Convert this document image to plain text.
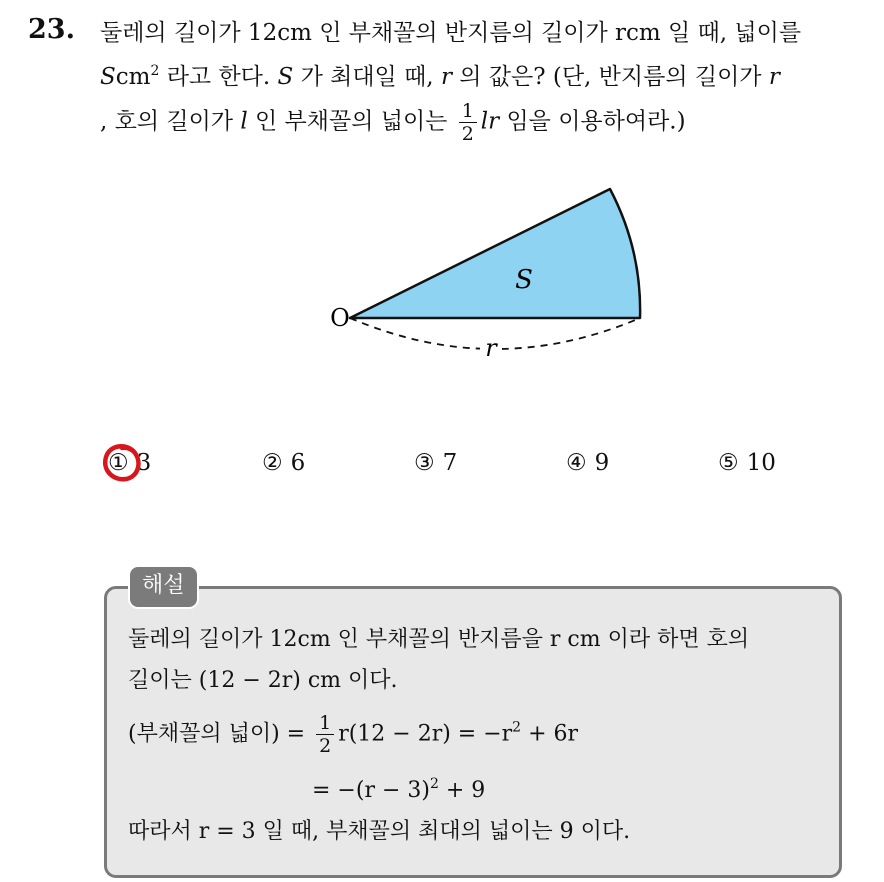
23. 둘레의 길이가 12cm 인 부채꼴의 반지름의 길이가 rcm 일 때, 넓이를
Scm$^2$ 라고 한다. S 가 최대일 때, r 의 값은? (단, 반지름의 길이가 r
, 호의 길이가 l 인 부채꼴의 넓이는 $\frac{1}{2}$ lr 임을 이용하여라.)
O
S
r
① 3	② 6	③ 7	④ 9	⑤ 10
해설
둘레의 길이가 12cm 인 부채꼴의 반지름을 r cm 이라 하면 호의
길이는 (12 − 2r) cm 이다.
(부채꼴의 넓이) = $\frac{1}{2} r(12 - 2r) = -r^2 + 6r$
= $-(r - 3)^2 + 9$
따라서 r = 3 일 때, 부채꼴의 최대의 넓이는 9 이다.
